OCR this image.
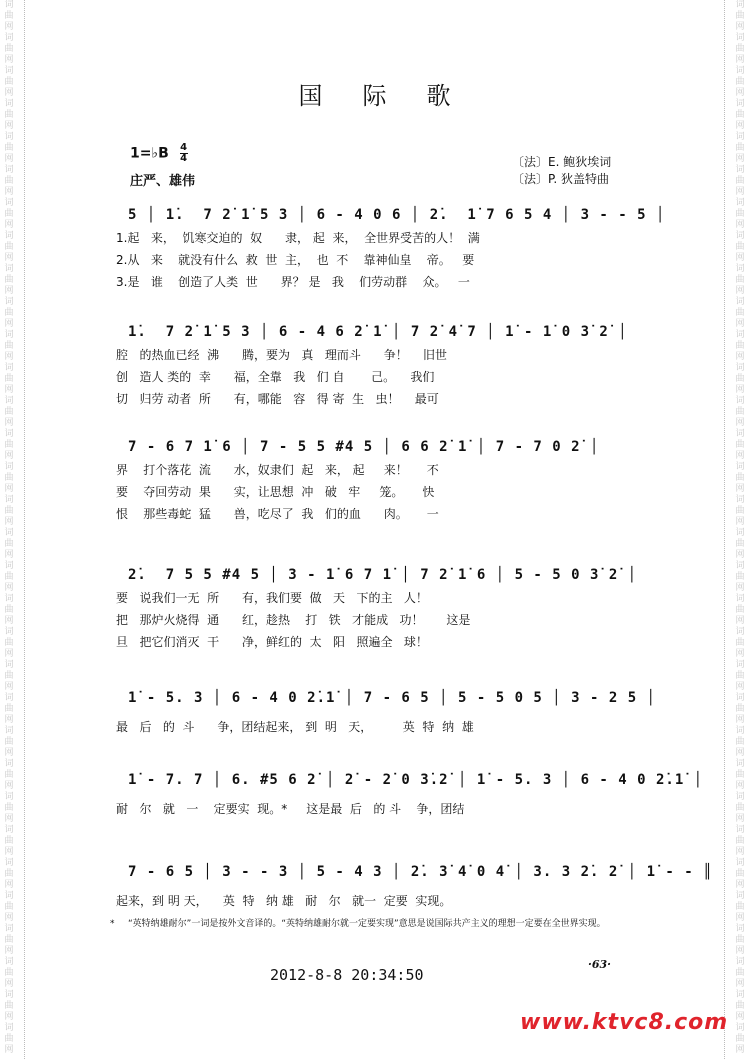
词
曲
网
词
曲
网
词
曲
网
词
曲
网
词
曲
网
词
曲
网
词
曲
网
词
曲
网
词
曲
网
词
曲
网
词
曲
网
词
曲
网
词
曲
网
词
曲
网
词
曲
网
词
曲
网
词
曲
网
词
曲
网
词
曲
网
词
曲
网
词
曲
网
词
曲
网
词
曲
网
词
曲
网
词
曲
网
词
曲
网
词
曲
网
词
曲
网
词
曲
网
词
曲
网
词
曲
网
词
曲
网
词
曲
网
词
曲
网
词
曲
网
词
曲
网
词
曲
网
词
曲
网
词
曲
网
词
曲
网
词
曲
网
词
曲
网
词
曲
网
词
曲
网
词
曲
网
词
曲
网
词
曲
网
词
曲
网
词
曲
网
词
曲
网
词
曲
网
词
曲
网
词
曲
网
词
曲
网
词
曲
网
词
曲
网
词
曲
网
词
曲
网
词
曲
网
词
曲
网
词
曲
网
词
曲
网
词
曲
网
词
曲
网
国际歌
1=♭B $\frac{4}{4}$
庄严、雄伟
〔法〕E. 鲍狄埃词
〔法〕P. 狄盖特曲

5 │ 1̇.  7 2̇ 1̇ 5 3 │ 6 - 4 0 6 │ 2̇.  1̇ 7 6 5 4 │ 3 - - 5 │

1.起   来，  饥寒交迫的  奴      隶， 起  来，  全世界受苦的人！  满
2.从   来    就没有什么  救  世  主，  也  不    靠神仙皇    帝。   要
3.是   谁    创造了人类  世      界？ 是   我    们劳动群    众。   一

1̇.  7 2̇ 1̇ 5 3 │ 6 - 4 6 2̇ 1̇ │ 7 2̇ 4̇ 7 │ 1̇ - 1̇ 0 3̇ 2̇ │

腔   的热血已经  沸      腾，要为   真   理而斗      争！    旧世
创   造人 类的  幸      福，全靠   我   们 自       己。    我们
切   归劳 动者  所      有，哪能   容   得 寄  生   虫！    最可

7 - 6 7 1̇ 6 │ 7 - 5 5 #4 5 │ 6 6 2̇ 1̇ │ 7 - 7 0 2̇ │

界    打个落花  流      水，奴隶们  起   来， 起     来！     不
要    夺回劳动  果      实，让思想  冲   破   牢     笼。     快
恨    那些毒蛇  猛      兽，吃尽了  我   们的血      肉。     一

2̇.  7 5 5 #4 5 │ 3 - 1̇ 6 7 1̇ │ 7 2̇ 1̇ 6 │ 5 - 5 0 3̇ 2̇ │

要   说我们一无  所      有，我们要  做   天   下的主   人！
把   那炉火烧得  通      红，趁热    打   铁   才能成   功！      这是
旦   把它们消灭  干      净，鲜红的  太   阳   照遍全   球！

1̇ - 5. 3 │ 6 - 4 0 2̇.1̇ │ 7 - 6 5 │ 5 - 5 0 5 │ 3 - 2 5 │

最   后   的  斗      争，团结起来， 到  明   天，        英  特  纳  雄

1̇ - 7. 7 │ 6. #5 6 2̇ │ 2̇ - 2̇ 0 3̇.2̇ │ 1̇ - 5. 3 │ 6 - 4 0 2̇.1̇ │

耐   尔   就   一    定要实  现。*     这是最  后   的 斗    争，团结

7 - 6 5 │ 3 - - 3 │ 5 - 4 3 │ 2̇. 3̇ 4̇ 0 4̇ │ 3. 3 2̇. 2̇ │ 1̇ - - ║

起来，到 明 天，    英  特   纳 雄   耐   尔   就一  定要  实现。
* “英特纳雄耐尔”一词是按外文音译的。“英特纳雄耐尔就一定要实现”意思是说国际共产主义的理想一定要在全世界实现。
2012-8-8 20:34:50
·63·
www.ktvc8.com
